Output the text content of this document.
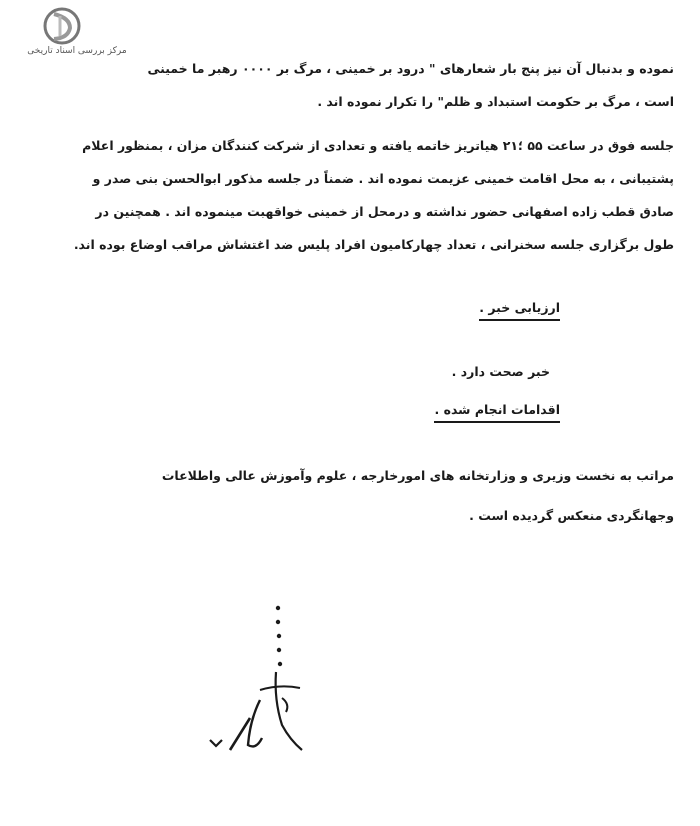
مرکز بررسی اسناد تاریخی
نموده و بدنبال آن نیز پنج بار شعارهای " درود بر خمینی ، مرگ بر ۰۰۰۰ رهبر ما خمینی
است ، مرگ بر حکومت استبداد و ظلم" را تکرار نموده اند .
جلسه فوق در ساعت ۵۵ ؛۲۱ هیاتریز خاتمه یافته و تعدادی از شرکت کنندگان مزان ، بمنظور اعلام
پشتیبانی ، به محل اقامت خمینی عزیمت نموده اند . ضمناً در جلسه مذکور ابوالحسن بنی صدر و
صادق قطب زاده اصفهانی حضور نداشته و درمحل از خمینی خواقهبت مینموده اند . همچنین در
طول برگزاری جلسه سخنرانی ، تعداد چهارکامیون افراد پلیس ضد اغتشاش مراقب اوضاع بوده اند.
ارزیابی خبر .
خبر صحت دارد .
اقدامات انجام شده .
مراتب به نخست وزیری و وزارتخانه های امورخارجه ، علوم وآموزش عالی واطلاعات
وجهانگردی منعکس گردیده است .
